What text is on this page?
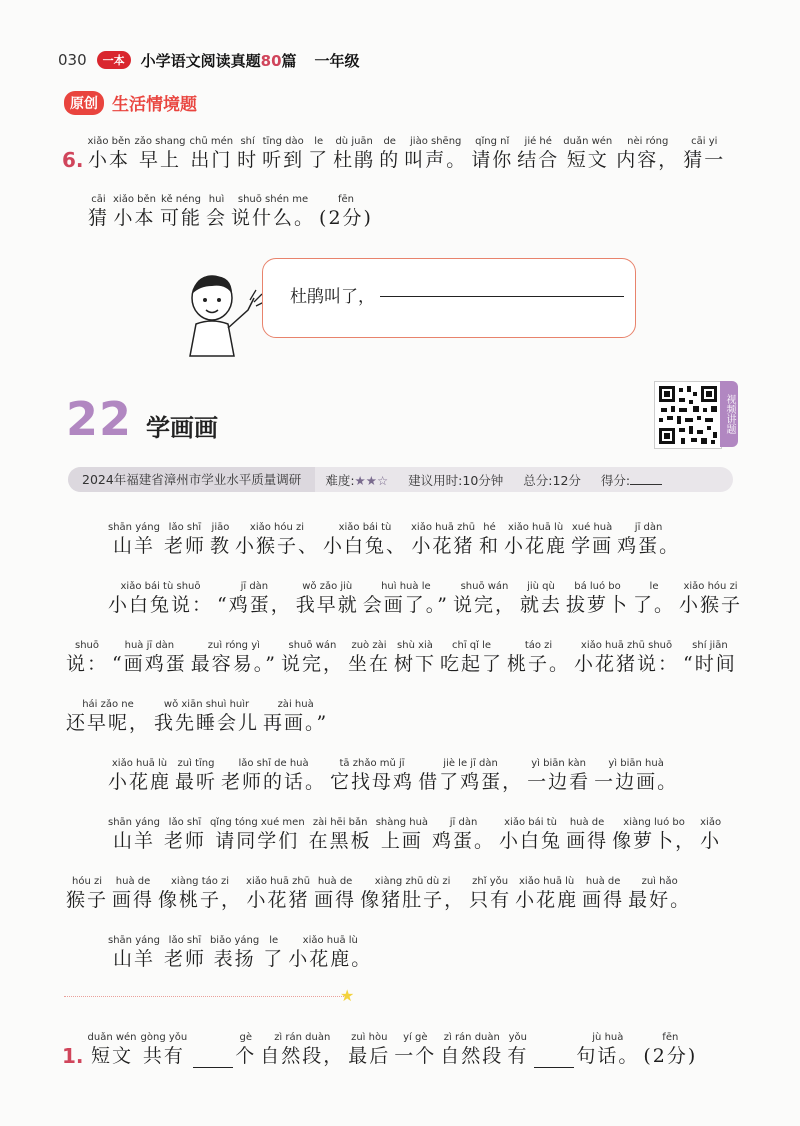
030	一本	小学语文阅读真题80篇 一年级
原创 生活情境题
6.
xiǎo běn
小本
zǎo shang
早上
chū mén
出门
shí
时
tīng dào
听到
le
了
dù juān
杜鹃
de
的
jiào shēng
叫声。
qǐng nǐ
请你
jié hé
结合
duǎn wén
短文
nèi róng
内容，
cāi yi
猜一
cāi
猜
xiǎo běn
小本
kě néng
可能
huì
会
shuō shén me
说什么。
fēn
(2分)
杜鹃叫了，
22 学画画	视频讲题
2024年福建省漳州市学业水平质量调研	难度:★★☆	建议用时:10分钟	总分:12分	得分:
shān yáng
山羊
lǎo shī
老师
jiāo
教
xiǎo hóu zi
小猴子、
xiǎo bái tù
小白兔、
xiǎo huā zhū
小花猪
hé
和
xiǎo huā lù
小花鹿
xué huà
学画
jī dàn
鸡蛋。
xiǎo bái tù shuō
小白兔说：
jī dàn
“鸡蛋，
wǒ zǎo jiù
我早就
huì huà le
会画了。”
shuō wán
说完，
jiù qù
就去
bá luó bo
拔萝卜
le
了。
xiǎo hóu zi
小猴子
shuō
说：
huà jī dàn
“画鸡蛋
zuì róng yì
最容易。”
shuō wán
说完，
zuò zài
坐在
shù xià
树下
chī qǐ le
吃起了
táo zi
桃子。
xiǎo huā zhū shuō
小花猪说：
shí jiān
“时间
hái zǎo ne
还早呢，
wǒ xiān shuì huìr
我先睡会儿
zài huà
再画。”
xiǎo huā lù
小花鹿
zuì tīng
最听
lǎo shī de huà
老师的话。
tā zhǎo mǔ jī
它找母鸡
jiè le jī dàn
借了鸡蛋，
yì biān kàn
一边看
yì biān huà
一边画。
shān yáng
山羊
lǎo shī
老师
qǐng tóng xué men
请同学们
zài hēi bǎn
在黑板
shàng huà
上画
jī dàn
鸡蛋。
xiǎo bái tù
小白兔
huà de
画得
xiàng luó bo
像萝卜，
xiǎo
小
hóu zi
猴子
huà de
画得
xiàng táo zi
像桃子，
xiǎo huā zhū
小花猪
huà de
画得
xiàng zhū dù zi
像猪肚子，
zhǐ yǒu
只有
xiǎo huā lù
小花鹿
huà de
画得
zuì hǎo
最好。
shān yáng
山羊
lǎo shī
老师
biǎo yáng
表扬
le
了
xiǎo huā lù
小花鹿。
★
1.
duǎn wén
短文
gòng yǒu
共有
gè
个
zì rán duàn
自然段，
zuì hòu
最后
yí gè
一个
zì rán duàn
自然段
yǒu
有
jù huà
句话。
fēn
(2分)
